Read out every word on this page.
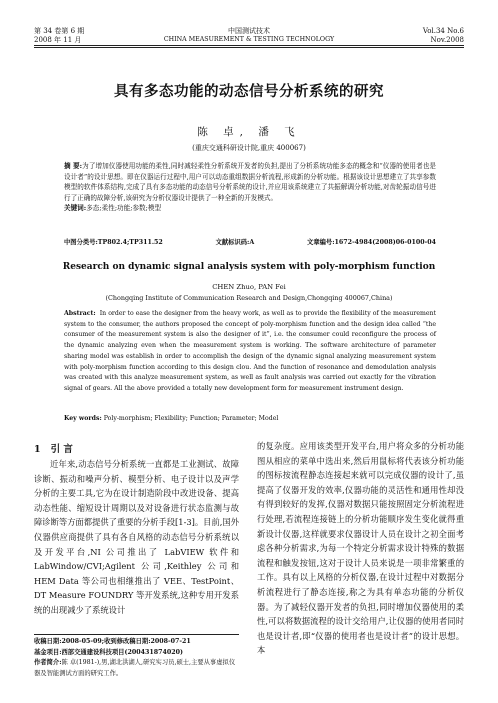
第 34 卷第 6 期
2008 年 11 月
中国测试技术
CHINA MEASUREMENT & TESTING TECHNOLOGY
Vol.34 No.6
Nov.2008
具有多态功能的动态信号分析系统的研究
陈 卓, 潘 飞
(重庆交通科研设计院,重庆 400067)
摘 要:为了增加仪器使用功能的柔性,同时减轻柔性分析系统开发者的负担,提出了分析系统功能多态的概念和“仪器的使用者也是设计者”的设计思想。即在仪器运行过程中,用户可以动态重组数据分析流程,形成新的分析功能。根据该设计思想建立了共享参数模型的软件体系结构,完成了具有多态功能的动态信号分析系统的设计,并应用该系统建立了共振解调分析功能,对齿轮振动信号进行了正确的故障分析,该研究为分析仪器设计提供了一种全新的开发模式。
关键词:多态;柔性;功能;参数;模型
中图分类号:TP802.4;TP311.52	文献标识码:A	文章编号:1672-4984(2008)06-0100-04
Research on dynamic signal analysis system with poly-morphism function
CHEN Zhuo, PAN Fei
(Chongqing Institute of Communication Research and Design,Chongqing 400067,China)
Abstract: In order to ease the designer from the heavy work, as well as to provide the flexibility of the measurement system to the consumer, the authors proposed the concept of poly-morphism function and the design idea called “the consumer of the measurement system is also the designer of it”, i.e. the consumer could reconfigure the process of the dynamic analyzing even when the measurement system is working. The software architecture of parameter sharing model was establish in order to accomplish the design of the dynamic signal analyzing measurement system with poly-morphism function according to this design clou. And the function of resonance and demodulation analysis was created with this analyze measurement system, as well as fault analysis was carried out exactly for the vibration signal of gears. All the above provided a totally new development form for measurement instrument design.
Key words: Poly-morphism; Flexibility; Function; Parameter; Model
1 引 言
近年来,动态信号分析系统一直都是工业测试、故障诊断、振动和噪声分析、模型分析、电子设计以及声学分析的主要工具,它为在设计制造阶段中改进设备、提高动态性能、缩短设计周期以及对设备进行状态监测与故障诊断等方面都提供了重要的分析手段[1-3]。目前,国外仪器供应商提供了具有各自风格的动态信号分析系统以及开发平台,NI 公司推出了 LabVIEW 软件和 LabWindow/CVI;Agilent 公司,Keithley 公司和 HEM Data 等公司也相继推出了 VEE、TestPoint、DT Measure FOUNDRY 等开发系统,这种专用开发系统的出现减少了系统设计
的复杂度。应用该类型开发平台,用户将众多的分析功能图从相应的菜单中选出来,然后用鼠标将代表该分析功能的图标按流程静态连接起来就可以完成仪器的设计了,虽提高了仪器开发的效率,仪器功能的灵活性和通用性却没有得到较好的发挥,仪器对数据只能按照固定分析流程进行处理,若流程连接链上的分析功能顺序发生变化就得重新设计仪器,这样就要求仪器设计人员在设计之初全面考虑各种分析需求,为每一个特定分析需求设计特殊的数据流程和触发按钮,这对于设计人员来说是一项非常繁重的工作。具有以上风格的分析仪器,在设计过程中对数据分析流程进行了静态连接,称之为具有单态功能的分析仪器。为了减轻仪器开发者的负担,同时增加仪器使用的柔性,可以将数据流程的设计交给用户,让仪器的使用者同时也是设计者,即“仪器的使用者也是设计者”的设计思想。本
收稿日期:2008-05-09;收到修改稿日期:2008-07-21
基金项目:西部交通建设科技项目(200431874020)
作者简介:陈 卓(1981-),男,湖北洪湖人,研究实习员,硕士,主要从事虚拟仪器及智能测试方面的研究工作。
